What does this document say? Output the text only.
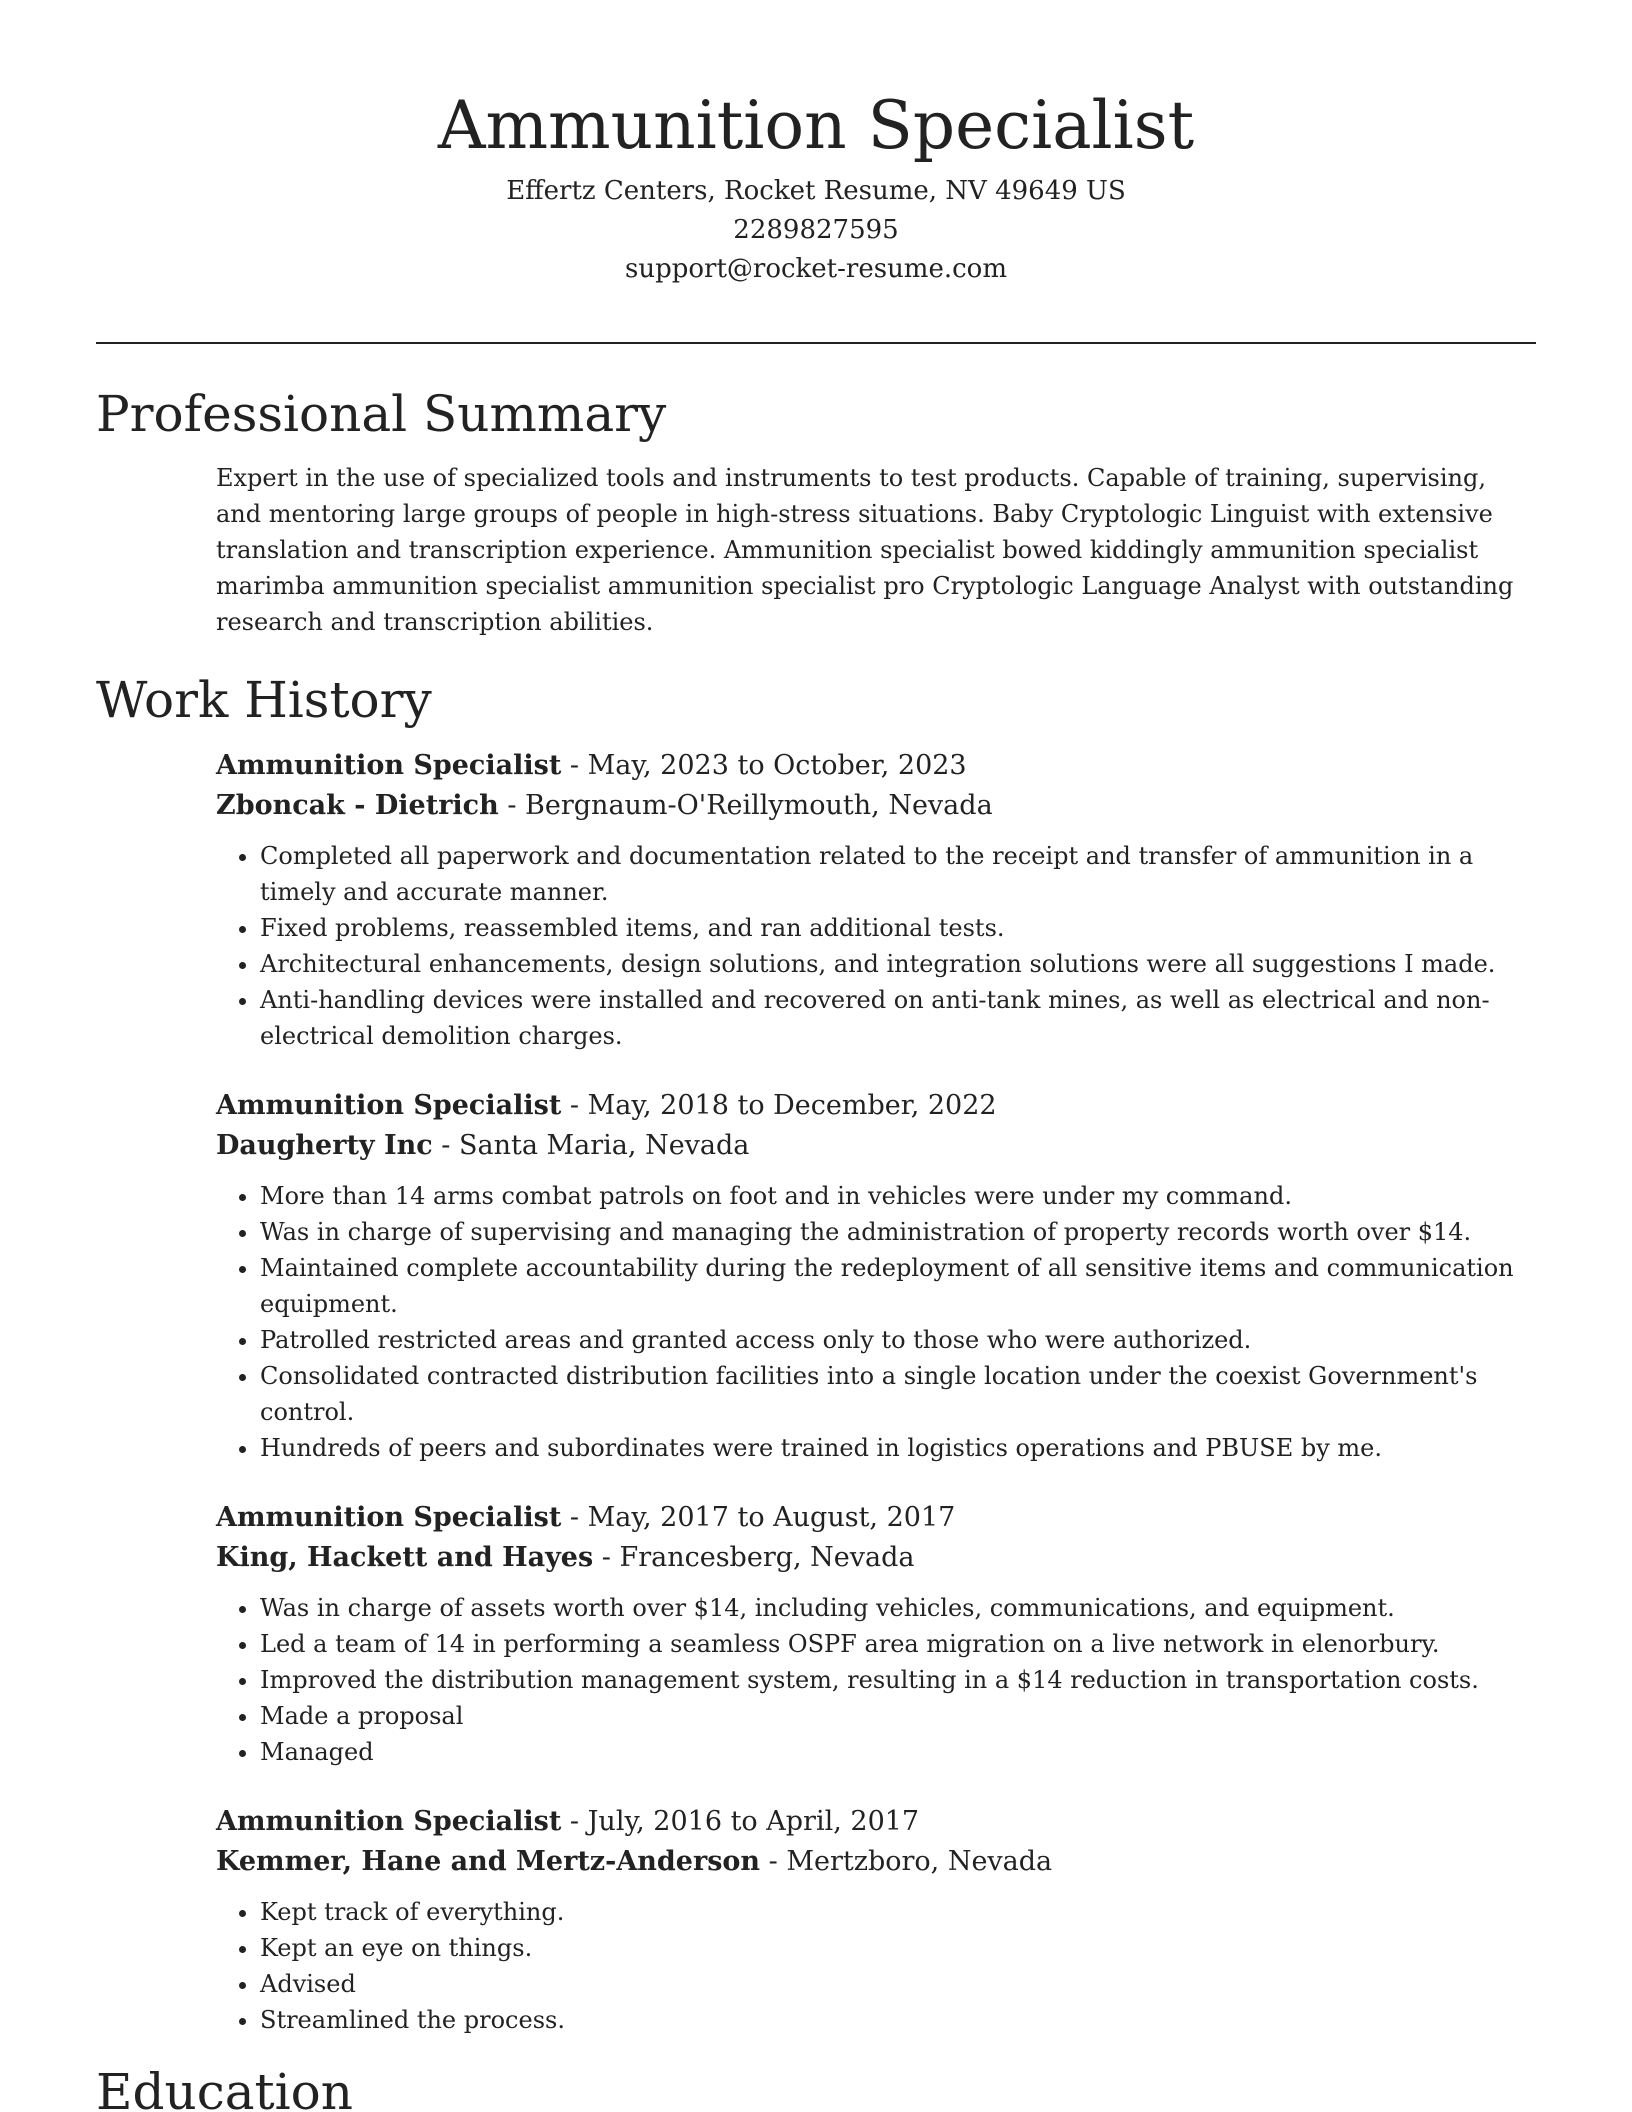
Ammunition Specialist
Effertz Centers, Rocket Resume, NV 49649 US
2289827595
support@rocket-resume.com
Professional Summary

Expert in the use of specialized tools and instruments to test products. Capable of training, supervising, and mentoring large groups of people in high-stress situations. Baby Cryptologic Linguist with extensive translation and transcription experience. Ammunition specialist bowed kiddingly ammunition specialist marimba ammunition specialist ammunition specialist pro Cryptologic Language Analyst with outstanding research and transcription abilities.

Work History
Ammunition Specialist - May, 2023 to October, 2023
Zboncak - Dietrich - Bergnaum-O'Reillymouth, Nevada
• Completed all paperwork and documentation related to the receipt and transfer of ammunition in a timely and accurate manner.
• Fixed problems, reassembled items, and ran additional tests.
• Architectural enhancements, design solutions, and integration solutions were all suggestions I made.
• Anti-handling devices were installed and recovered on anti-tank mines, as well as electrical and non-electrical demolition charges.
Ammunition Specialist - May, 2018 to December, 2022
Daugherty Inc - Santa Maria, Nevada
• More than 14 arms combat patrols on foot and in vehicles were under my command.
• Was in charge of supervising and managing the administration of property records worth over $14.
• Maintained complete accountability during the redeployment of all sensitive items and communication equipment.
• Patrolled restricted areas and granted access only to those who were authorized.
• Consolidated contracted distribution facilities into a single location under the coexist Government's control.
• Hundreds of peers and subordinates were trained in logistics operations and PBUSE by me.
Ammunition Specialist - May, 2017 to August, 2017
King, Hackett and Hayes - Francesberg, Nevada
• Was in charge of assets worth over $14, including vehicles, communications, and equipment.
• Led a team of 14 in performing a seamless OSPF area migration on a live network in elenorbury.
• Improved the distribution management system, resulting in a $14 reduction in transportation costs.
• Made a proposal
• Managed
Ammunition Specialist - July, 2016 to April, 2017
Kemmer, Hane and Mertz-Anderson - Mertzboro, Nevada
• Kept track of everything.
• Kept an eye on things.
• Advised
• Streamlined the process.
Education
